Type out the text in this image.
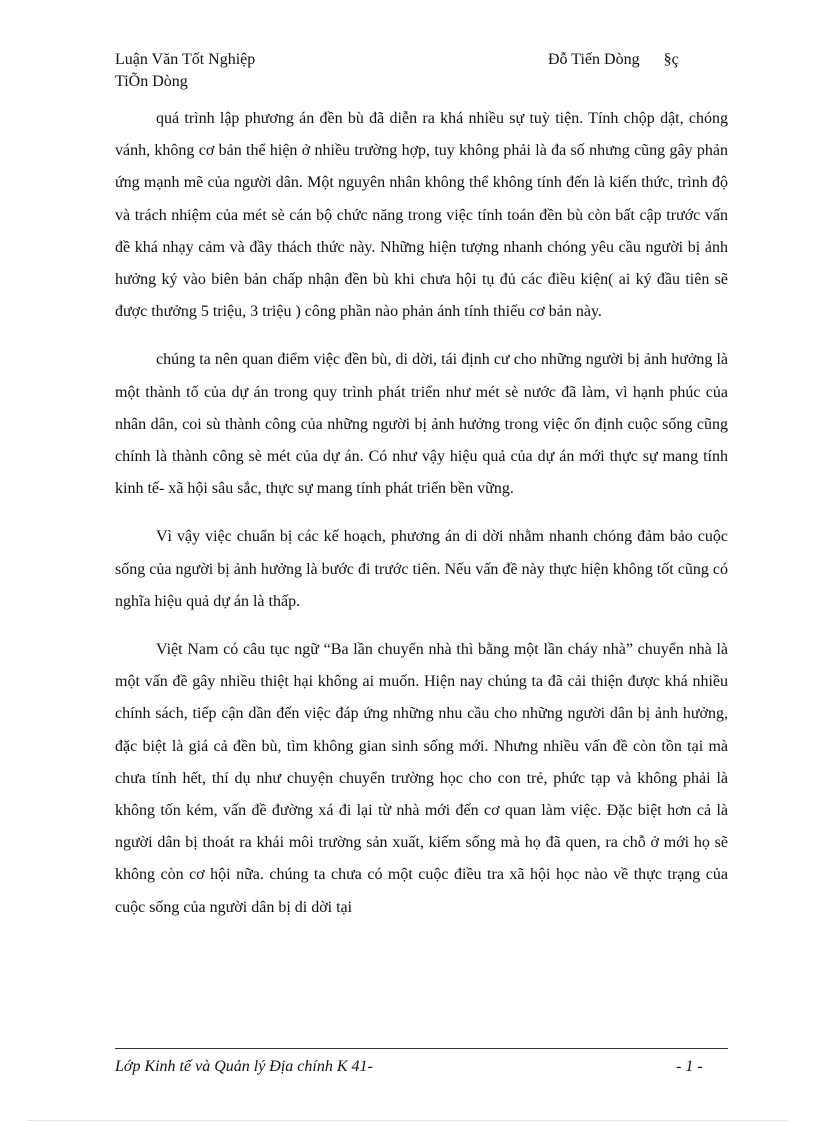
Luận Văn Tốt Nghiệp
TiÕn Dòng
Đỗ Tiến Dòng §ç

quá trình lập phương án đền bù đã diễn ra khá nhiều sự tuỳ tiện. Tính chộp dật, chóng vánh, không cơ bản thể hiện ở nhiều trường hợp, tuy không phải là đa số nhưng cũng gây phản ứng mạnh mẽ của người dân. Một nguyên nhân không thể không tính đến là kiến thức, trình độ và trách nhiệm của mét sè cán bộ chức năng trong việc tính toán đền bù còn bất cập trước vấn đề khá nhạy cảm và đầy thách thức này. Những hiện tượng nhanh chóng yêu cầu người bị ảnh hưởng ký vào biên bản chấp nhận đền bù khi chưa hội tụ đủ các điều kiện( ai ký đầu tiên sẽ được thưởng 5 triệu, 3 triệu ) công phần nào phản ánh tính thiếu cơ bản này.

chúng ta nên quan điểm việc đền bù, di dời, tái định cư cho những người bị ảnh hưởng là một thành tố của dự án trong quy trình phát triển như mét sè nước đã làm, vì hạnh phúc của nhân dân, coi sù thành công của những người bị ảnh hưởng trong việc ổn định cuộc sống cũng chính là thành công sè mét của dự án. Có như vậy hiệu quả của dự án mới thực sự mang tính kinh tế- xã hội sâu sắc, thực sự mang tính phát triển bền vững.

Vì vậy việc chuẩn bị các kế hoạch, phương án di dời nhằm nhanh chóng đảm bảo cuộc sống của người bị ảnh hưởng là bước đi trước tiên. Nếu vấn đề này thực hiện không tốt cũng có nghĩa hiệu quả dự án là thấp.

Việt Nam có câu tục ngữ “Ba lần chuyển nhà thì bằng một lần cháy nhà” chuyển nhà là một vấn đề gây nhiều thiệt hại không ai muốn. Hiện nay chúng ta đã cải thiện được khá nhiều chính sách, tiếp cận dần đến việc đáp ứng những nhu cầu cho những người dân bị ảnh hưởng, đặc biệt là giá cả đền bù, tìm không gian sinh sống mới. Nhưng nhiều vấn đề còn tồn tại mà chưa tính hết, thí dụ như chuyện chuyển trường học cho con trẻ, phức tạp và không phải là không tốn kém, vấn đề đường xá đi lại từ nhà mới đến cơ quan làm việc. Đặc biệt hơn cả là người dân bị thoát ra khái môi trường sản xuất, kiếm sống mà họ đã quen, ra chỗ ở mới họ sẽ không còn cơ hội nữa. chúng ta chưa có một cuộc điều tra xã hội học nào về thực trạng của cuộc sống của người dân bị di dời tại

Lớp Kinh tế và Quản lý Địa chính K 41-	- 1 -
